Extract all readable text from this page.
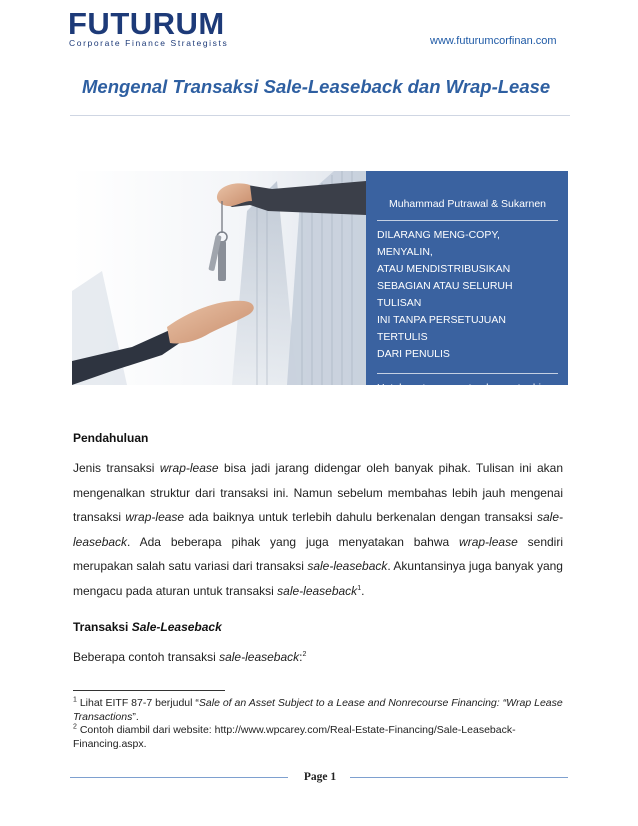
FUTURUM
Corporate Finance Strategists	www.futurumcorfinan.com
Mengenal Transaksi Sale-Leaseback dan Wrap-Lease
Muhammad Putrawal & Sukarnen
DILARANG MENG-COPY, MENYALIN,
ATAU MENDISTRIBUSIKAN
SEBAGIAN ATAU SELURUH TULISAN
INI TANPA PERSETUJUAN TERTULIS
DARI PENULIS
Untuk pertanyaan atau komentar bisa
diposting melalui website
www.futurumcorfinan.com
Pendahuluan
Jenis transaksi wrap-lease bisa jadi jarang didengar oleh banyak pihak. Tulisan ini akan mengenalkan struktur dari transaksi ini. Namun sebelum membahas lebih jauh mengenai transaksi wrap-lease ada baiknya untuk terlebih dahulu berkenalan dengan transaksi sale-leaseback. Ada beberapa pihak yang juga menyatakan bahwa wrap-lease sendiri merupakan salah satu variasi dari transaksi sale-leaseback. Akuntansinya juga banyak yang mengacu pada aturan untuk transaksi sale-leaseback$^1$.
Transaksi Sale-Leaseback
Beberapa contoh transaksi sale-leaseback:$^2$
$^1$ Lihat EITF 87-7 berjudul “Sale of an Asset Subject to a Lease and Nonrecourse Financing: “Wrap Lease Transactions”.
$^2$ Contoh diambil dari website: http://www.wpcarey.com/Real-Estate-Financing/Sale-Leaseback-Financing.aspx.
Page 1
